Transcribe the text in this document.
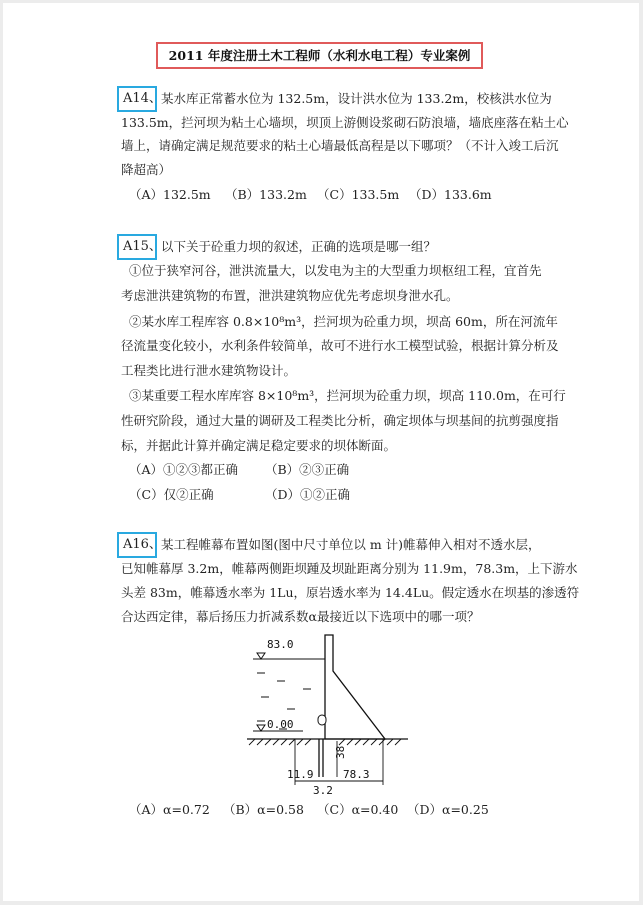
2011 年度注册土木工程师（水利水电工程）专业案例
A14、 某水库正常蓄水位为 132.5m，设计洪水位为 133.2m，校核洪水位为
133.5m，拦河坝为粘土心墙坝，坝顶上游侧设浆砌石防浪墙，墙底座落在粘土心
墙上，请确定满足规范要求的粘土心墙最低高程是以下哪项？（不计入竣工后沉
降超高）
（A）132.5m （B）133.2m （C）133.5m （D）133.6m
A15、 以下关于砼重力坝的叙述，正确的选项是哪一组？
①位于狭窄河谷，泄洪流量大，以发电为主的大型重力坝枢纽工程，宜首先
考虑泄洪建筑物的布置，泄洪建筑物应优先考虑坝身泄水孔。
②某水库工程库容 0.8×10⁸m³，拦河坝为砼重力坝，坝高 60m，所在河流年
径流量变化较小，水利条件较简单，故可不进行水工模型试验，根据计算分析及
工程类比进行泄水建筑物设计。
③某重要工程水库库容 8×10⁸m³，拦河坝为砼重力坝，坝高 110.0m，在可行
性研究阶段，通过大量的调研及工程类比分析，确定坝体与坝基间的抗剪强度指
标，并据此计算并确定满足稳定要求的坝体断面。
（A）①②③都正确 （B）②③正确
（C）仅②正确	（D）①②正确
A16、 某工程帷幕布置如图(图中尺寸单位以 m 计)帷幕伸入相对不透水层，
已知帷幕厚 3.2m，帷幕两侧距坝踵及坝趾距离分别为 11.9m，78.3m，上下游水
头差 83m，帷幕透水率为 1Lu，原岩透水率为 14.4Lu。假定透水在坝基的渗透符
合达西定律，幕后扬压力折减系数α最接近以下选项中的哪一项？
83.0
0.00
38
11.9	78.3
3.2
（A）α=0.72 （B）α=0.58 （C）α=0.40 （D）α=0.25
